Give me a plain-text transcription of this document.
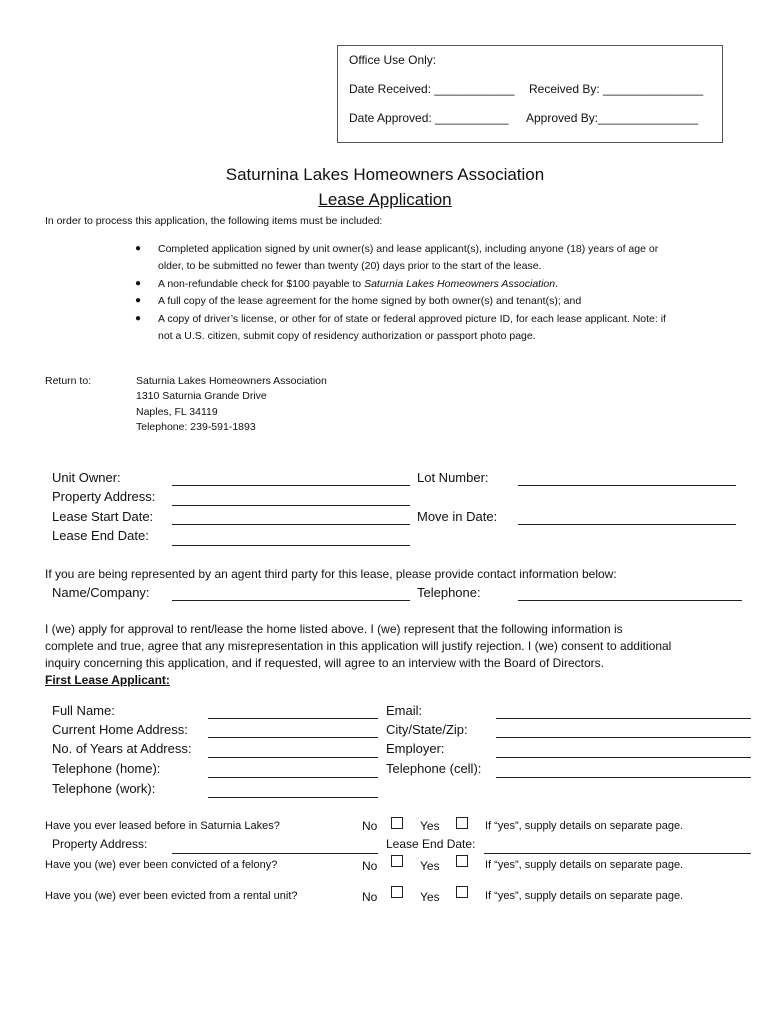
Office Use Only:
Date Received: ____________ Received By: _______________
Date Approved: ___________ Approved By:_______________
Saturnina Lakes Homeowners Association
Lease Application
In order to process this application, the following items must be included:
● Completed application signed by unit owner(s) and lease applicant(s), including anyone (18) years of age or
older, to be submitted no fewer than twenty (20) days prior to the start of the lease.
● A non-refundable check for $100 payable to Saturnia Lakes Homeowners Association.
● A full copy of the lease agreement for the home signed by both owner(s) and tenant(s); and
● A copy of driver’s license, or other for of state or federal approved picture ID, for each lease applicant. Note: if
not a U.S. citizen, submit copy of residency authorization or passport photo page.
Return to:	Saturnia Lakes Homeowners Association
1310 Saturnia Grande Drive
Naples, FL 34119
Telephone: 239-591-1893
Unit Owner:	Lot Number:
Property Address:
Lease Start Date:	Move in Date:
Lease End Date:
If you are being represented by an agent third party for this lease, please provide contact information below:
Name/Company:	Telephone:
I (we) apply for approval to rent/lease the home listed above. I (we) represent that the following information is
complete and true, agree that any misrepresentation in this application will justify rejection. I (we) consent to additional
inquiry concerning this application, and if requested, will agree to an interview with the Board of Directors.
First Lease Applicant:
Full Name:	Email:
Current Home Address:	City/State/Zip:
No. of Years at Address:	Employer:
Telephone (home):	Telephone (cell):
Telephone (work):
Have you ever leased before in Saturnia Lakes?	No	Yes	If “yes”, supply details on separate page.
Property Address:	Lease End Date:
Have you (we) ever been convicted of a felony?	No	Yes	If “yes”, supply details on separate page.
Have you (we) ever been evicted from a rental unit?	No	Yes	If “yes”, supply details on separate page.
